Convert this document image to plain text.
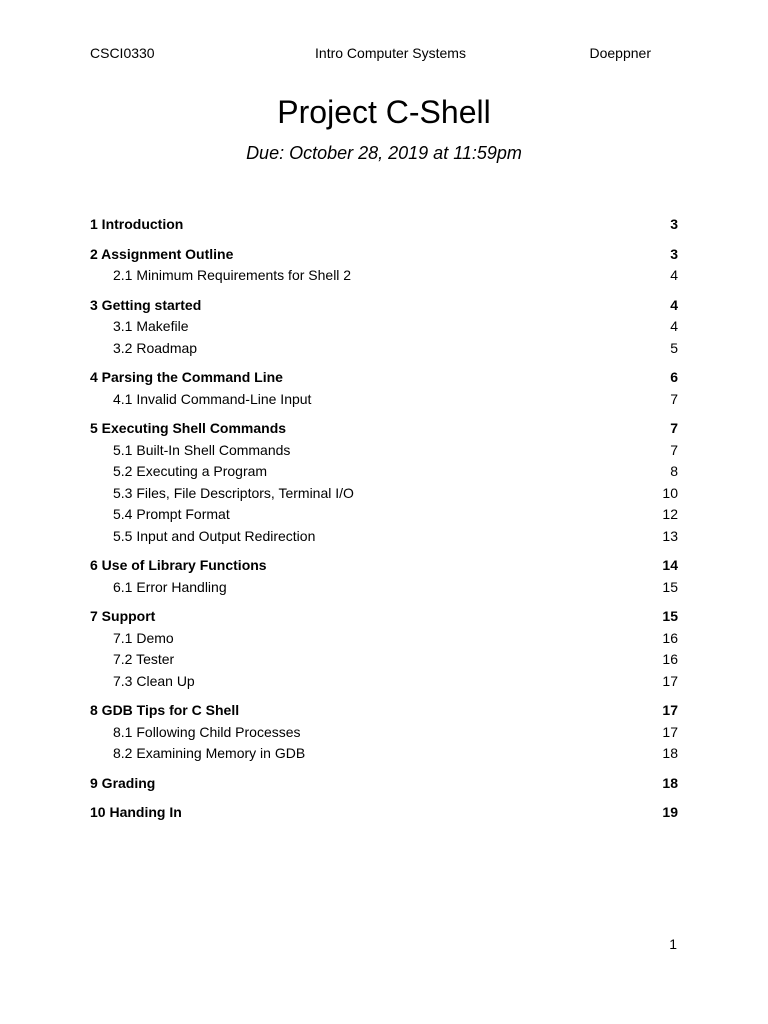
CSCI0330	Intro Computer Systems	Doeppner
Project C-Shell
Due: October 28, 2019 at 11:59pm
1 Introduction	3
2 Assignment Outline	3
2.1 Minimum Requirements for Shell 2	4
3 Getting started	4
3.1 Makefile	4
3.2 Roadmap	5
4 Parsing the Command Line	6
4.1 Invalid Command-Line Input	7
5 Executing Shell Commands	7
5.1 Built-In Shell Commands	7
5.2 Executing a Program	8
5.3 Files, File Descriptors, Terminal I/O	10
5.4 Prompt Format	12
5.5 Input and Output Redirection	13
6 Use of Library Functions	14
6.1 Error Handling	15
7 Support	15
7.1 Demo	16
7.2 Tester	16
7.3 Clean Up	17
8 GDB Tips for C Shell	17
8.1 Following Child Processes	17
8.2 Examining Memory in GDB	18
9 Grading	18
10 Handing In	19
1
